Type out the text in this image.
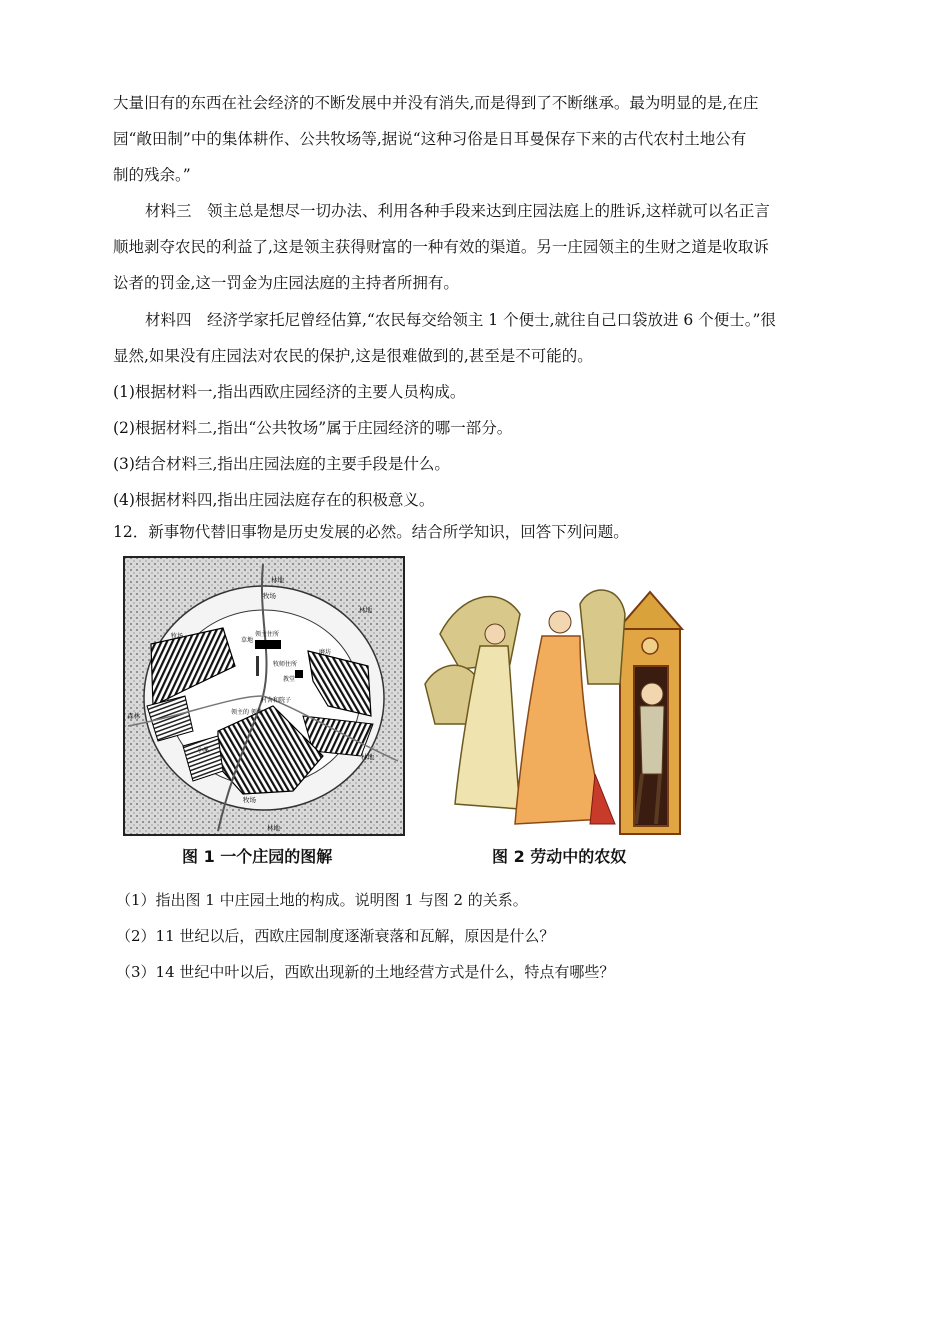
大量旧有的东西在社会经济的不断发展中并没有消失,而是得到了不断继承。最为明显的是,在庄
园“敞田制”中的集体耕作、公共牧场等,据说“这种习俗是日耳曼保存下来的古代农村土地公有
制的残余。”
材料三　领主总是想尽一切办法、利用各种手段来达到庄园法庭上的胜诉,这样就可以名正言
顺地剥夺农民的利益了,这是领主获得财富的一种有效的渠道。另一庄园领主的生财之道是收取诉
讼者的罚金,这一罚金为庄园法庭的主持者所拥有。
材料四　经济学家托尼曾经估算,“农民每交给领主 1 个便士,就往自己口袋放进 6 个便士。”很
显然,如果没有庄园法对农民的保护,这是很难做到的,甚至是不可能的。
(1)根据材料一,指出西欧庄园经济的主要人员构成。
(2)根据材料二,指出“公共牧场”属于庄园经济的哪一部分。
(3)结合材料三,指出庄园法庭的主要手段是什么。
(4)根据材料四,指出庄园法庭存在的积极意义。
12．新事物代替旧事物是历史发展的必然。结合所学知识，回答下列问题。
林地
牧场
林地
领主住所
牧师住所
教堂
牧场
草地
磨坊
领主的 领地
村舍和院子
林地
小溪
森林
牧场
林地
图 1 一个庄园的图解	图 2 劳动中的农奴
（1）指出图 1 中庄园土地的构成。说明图 1 与图 2 的关系。
（2）11 世纪以后，西欧庄园制度逐渐衰落和瓦解，原因是什么？
（3）14 世纪中叶以后，西欧出现新的土地经营方式是什么，特点有哪些？
